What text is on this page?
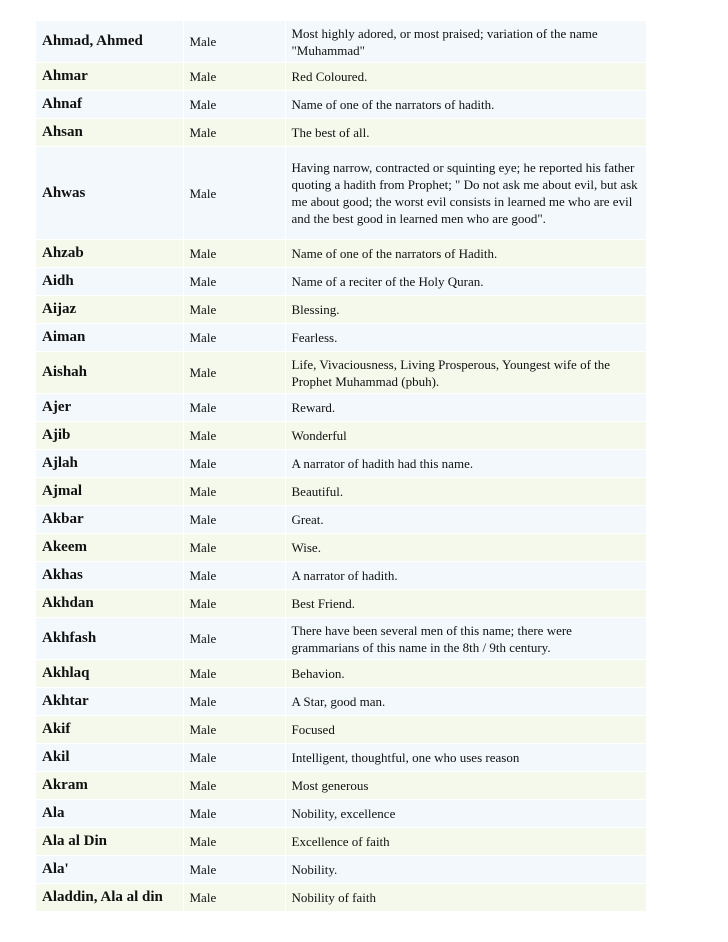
Ahmad, Ahmed	Male	Most highly adored, or most praised; variation of the name "Muhammad"
Ahmar	Male	Red Coloured.
Ahnaf	Male	Name of one of the narrators of hadith.
Ahsan	Male	The best of all.
Ahwas	Male	Having narrow, contracted or squinting eye; he reported his father quoting a hadith from Prophet; " Do not ask me about evil, but ask me about good; the worst evil consists in learned me who are evil and the best good in learned men who are good".
Ahzab	Male	Name of one of the narrators of Hadith.
Aidh	Male	Name of a reciter of the Holy Quran.
Aijaz	Male	Blessing.
Aiman	Male	Fearless.
Aishah	Male	Life, Vivaciousness, Living Prosperous, Youngest wife of the Prophet Muhammad (pbuh).
Ajer	Male	Reward.
Ajib	Male	Wonderful
Ajlah	Male	A narrator of hadith had this name.
Ajmal	Male	Beautiful.
Akbar	Male	Great.
Akeem	Male	Wise.
Akhas	Male	A narrator of hadith.
Akhdan	Male	Best Friend.
Akhfash	Male	There have been several men of this name; there were grammarians of this name in the 8th / 9th century.
Akhlaq	Male	Behavion.
Akhtar	Male	A Star, good man.
Akif	Male	Focused
Akil	Male	Intelligent, thoughtful, one who uses reason
Akram	Male	Most generous
Ala	Male	Nobility, excellence
Ala al Din	Male	Excellence of faith
Ala'	Male	Nobility.
Aladdin, Ala al din	Male	Nobility of faith
